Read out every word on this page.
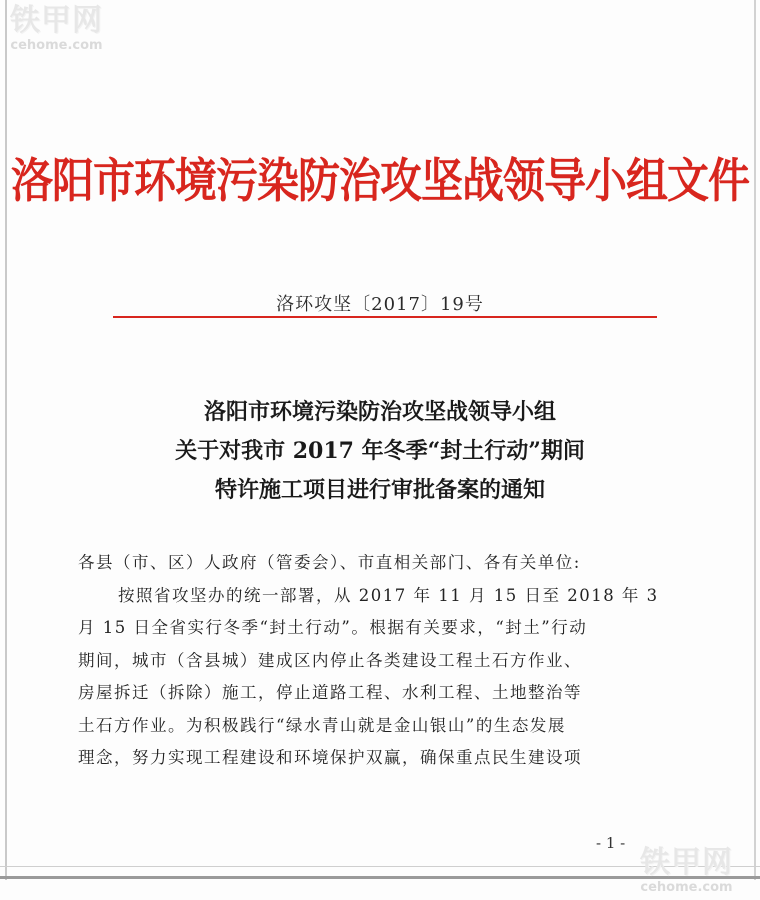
铁甲网
cehome.com
洛阳市环境污染防治攻坚战领导小组文件
洛环攻坚〔2017〕19号
洛阳市环境污染防治攻坚战领导小组
关于对我市 2017 年冬季“封土行动”期间
特许施工项目进行审批备案的通知

各县（市、区）人政府（管委会）、市直相关部门、各有关单位:

按照省攻坚办的统一部署，从 2017 年 11 月 15 日至 2018 年 3

月 15 日全省实行冬季“封土行动”。根据有关要求，“封土”行动

期间，城市（含县城）建成区内停止各类建设工程土石方作业、

房屋拆迁（拆除）施工，停止道路工程、水利工程、土地整治等

土石方作业。为积极践行“绿水青山就是金山银山”的生态发展

理念，努力实现工程建设和环境保护双赢，确保重点民生建设项

- 1 -
铁甲网
cehome.com
